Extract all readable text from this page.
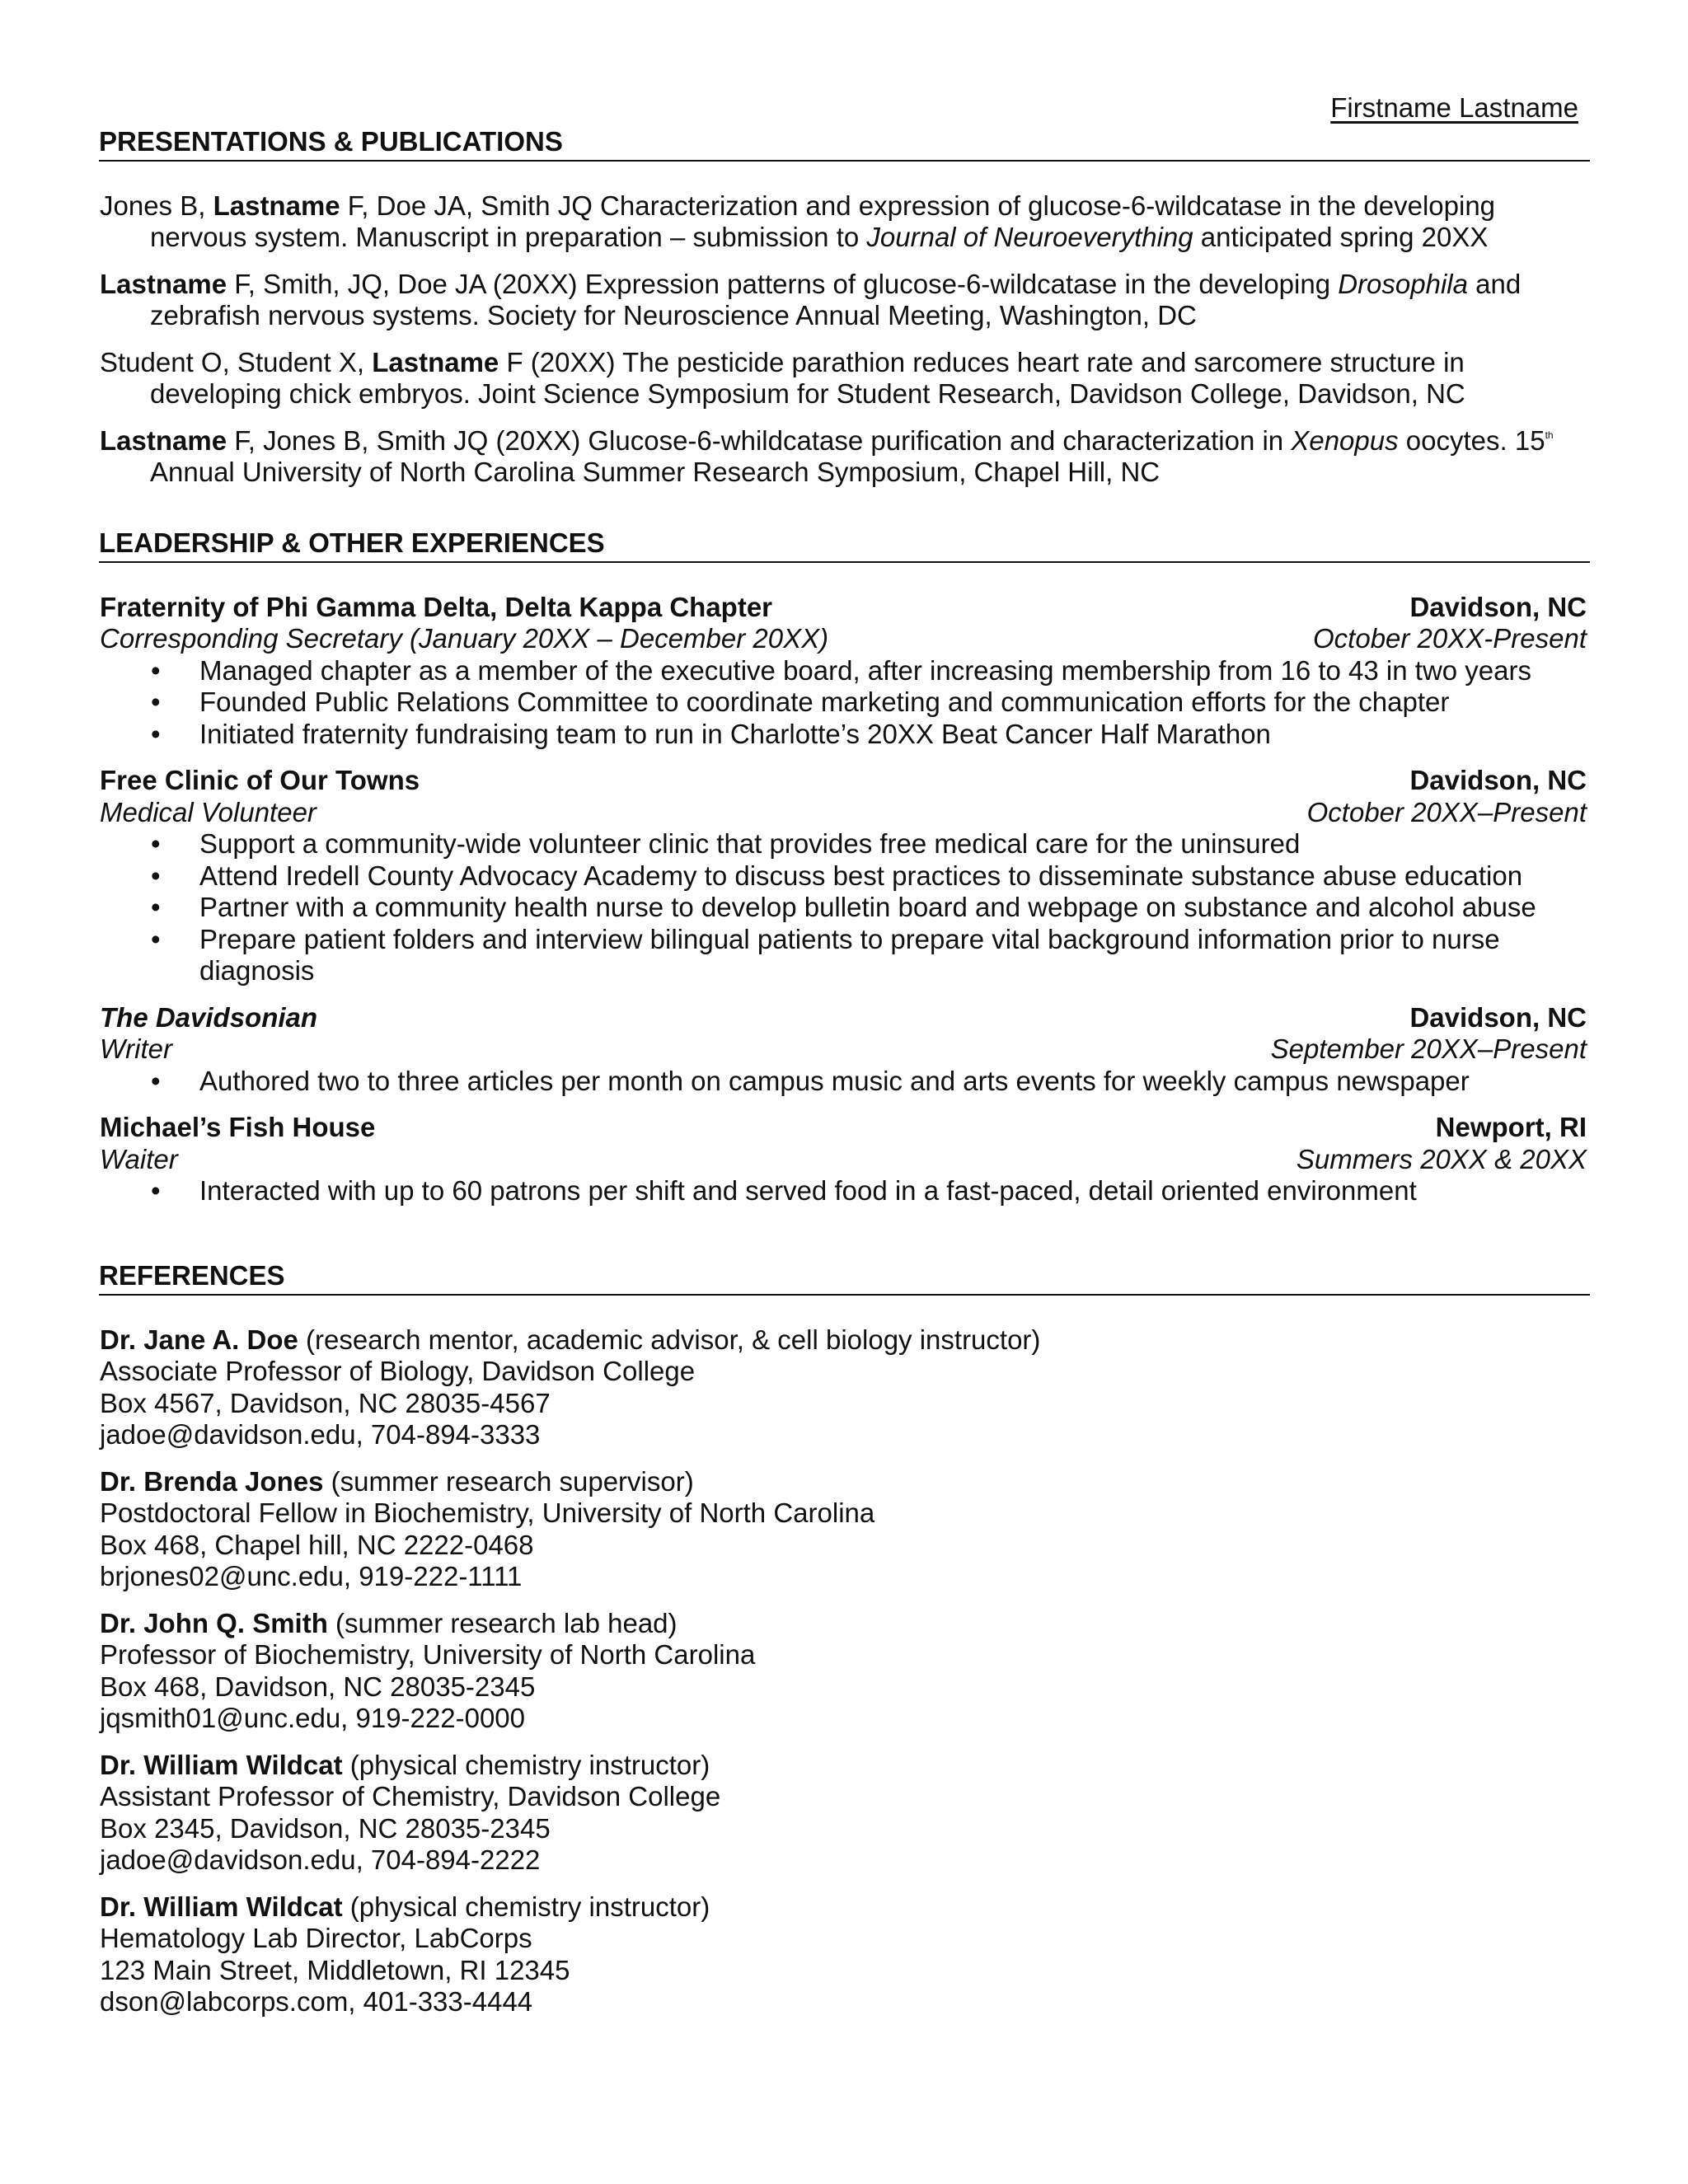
Firstname Lastname
PRESENTATIONS & PUBLICATIONS
Jones B, Lastname F, Doe JA, Smith JQ Characterization and expression of glucose-6-wildcatase in the developing nervous system. Manuscript in preparation – submission to Journal of Neuroeverything anticipated spring 20XX
Lastname F, Smith, JQ, Doe JA (20XX) Expression patterns of glucose-6-wildcatase in the developing Drosophila and zebrafish nervous systems. Society for Neuroscience Annual Meeting, Washington, DC
Student O, Student X, Lastname F (20XX) The pesticide parathion reduces heart rate and sarcomere structure in developing chick embryos. Joint Science Symposium for Student Research, Davidson College, Davidson, NC
Lastname F, Jones B, Smith JQ (20XX) Glucose-6-whildcatase purification and characterization in Xenopus oocytes. 15th Annual University of North Carolina Summer Research Symposium, Chapel Hill, NC
LEADERSHIP & OTHER EXPERIENCES
Fraternity of Phi Gamma Delta, Delta Kappa Chapter	Davidson, NC
Corresponding Secretary (January 20XX – December 20XX)	October 20XX-Present
• Managed chapter as a member of the executive board, after increasing membership from 16 to 43 in two years
• Founded Public Relations Committee to coordinate marketing and communication efforts for the chapter
• Initiated fraternity fundraising team to run in Charlotte’s 20XX Beat Cancer Half Marathon
Free Clinic of Our Towns	Davidson, NC
Medical Volunteer	October 20XX–Present
• Support a community-wide volunteer clinic that provides free medical care for the uninsured
• Attend Iredell County Advocacy Academy to discuss best practices to disseminate substance abuse education
• Partner with a community health nurse to develop bulletin board and webpage on substance and alcohol abuse
• Prepare patient folders and interview bilingual patients to prepare vital background information prior to nurse diagnosis
The Davidsonian	Davidson, NC
Writer	September 20XX–Present
• Authored two to three articles per month on campus music and arts events for weekly campus newspaper
Michael’s Fish House	Newport, RI
Waiter	Summers 20XX & 20XX
• Interacted with up to 60 patrons per shift and served food in a fast-paced, detail oriented environment
REFERENCES
Dr. Jane A. Doe (research mentor, academic advisor, & cell biology instructor)
Associate Professor of Biology, Davidson College
Box 4567, Davidson, NC 28035-4567
jadoe@davidson.edu, 704-894-3333
Dr. Brenda Jones (summer research supervisor)
Postdoctoral Fellow in Biochemistry, University of North Carolina
Box 468, Chapel hill, NC 2222-0468
brjones02@unc.edu, 919-222-1111
Dr. John Q. Smith (summer research lab head)
Professor of Biochemistry, University of North Carolina
Box 468, Davidson, NC 28035-2345
jqsmith01@unc.edu, 919-222-0000
Dr. William Wildcat (physical chemistry instructor)
Assistant Professor of Chemistry, Davidson College
Box 2345, Davidson, NC 28035-2345
jadoe@davidson.edu, 704-894-2222
Dr. William Wildcat (physical chemistry instructor)
Hematology Lab Director, LabCorps
123 Main Street, Middletown, RI 12345
dson@labcorps.com, 401-333-4444
